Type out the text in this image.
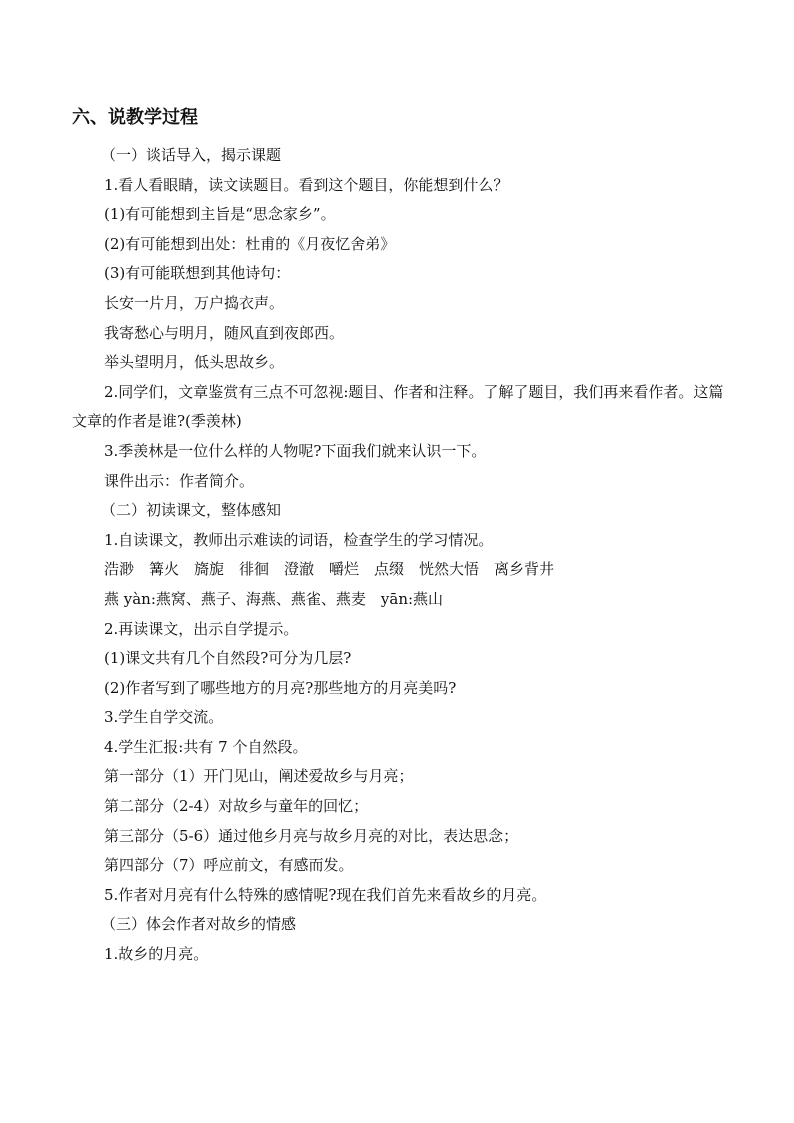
六、说教学过程
（一）谈话导入，揭示课题
1.看人看眼睛，读文读题目。看到这个题目，你能想到什么？
(1)有可能想到主旨是“思念家乡”。
(2)有可能想到出处：杜甫的《月夜忆舍弟》
(3)有可能联想到其他诗句：
长安一片月，万户捣衣声。
我寄愁心与明月，随风直到夜郎西。
举头望明月，低头思故乡。
2.同学们，文章鉴赏有三点不可忽视:题目、作者和注释。了解了题目，我们再来看作者。这篇文章的作者是谁?(季羡林)
3.季羡林是一位什么样的人物呢?下面我们就来认识一下。
课件出示：作者简介。
（二）初读课文，整体感知
1.自读课文，教师出示难读的词语，检查学生的学习情况。
浩渺　篝火　旖旎　徘徊　澄澈　嚼烂　点缀　恍然大悟　离乡背井
燕 yàn:燕窝、燕子、海燕、燕雀、燕麦　yān:燕山
2.再读课文，出示自学提示。
(1)课文共有几个自然段?可分为几层?
(2)作者写到了哪些地方的月亮?那些地方的月亮美吗?
3.学生自学交流。
4.学生汇报:共有 7 个自然段。
第一部分（1）开门见山，阐述爱故乡与月亮；
第二部分（2-4）对故乡与童年的回忆；
第三部分（5-6）通过他乡月亮与故乡月亮的对比，表达思念；
第四部分（7）呼应前文，有感而发。
5.作者对月亮有什么特殊的感情呢?现在我们首先来看故乡的月亮。
（三）体会作者对故乡的情感
1.故乡的月亮。
